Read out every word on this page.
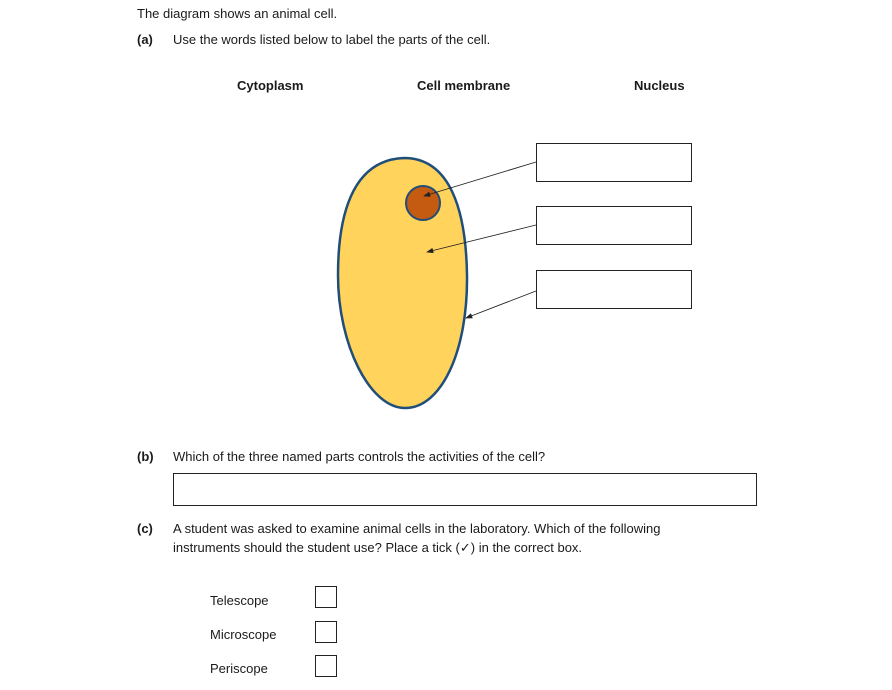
The diagram shows an animal cell.
(a) Use the words listed below to label the parts of the cell.
Cytoplasm	Cell membrane	Nucleus
(b) Which of the three named parts controls the activities of the cell?
(c) A student was asked to examine animal cells in the laboratory. Which of the following
instruments should the student use? Place a tick (✓) in the correct box.
Telescope
Microscope
Periscope
